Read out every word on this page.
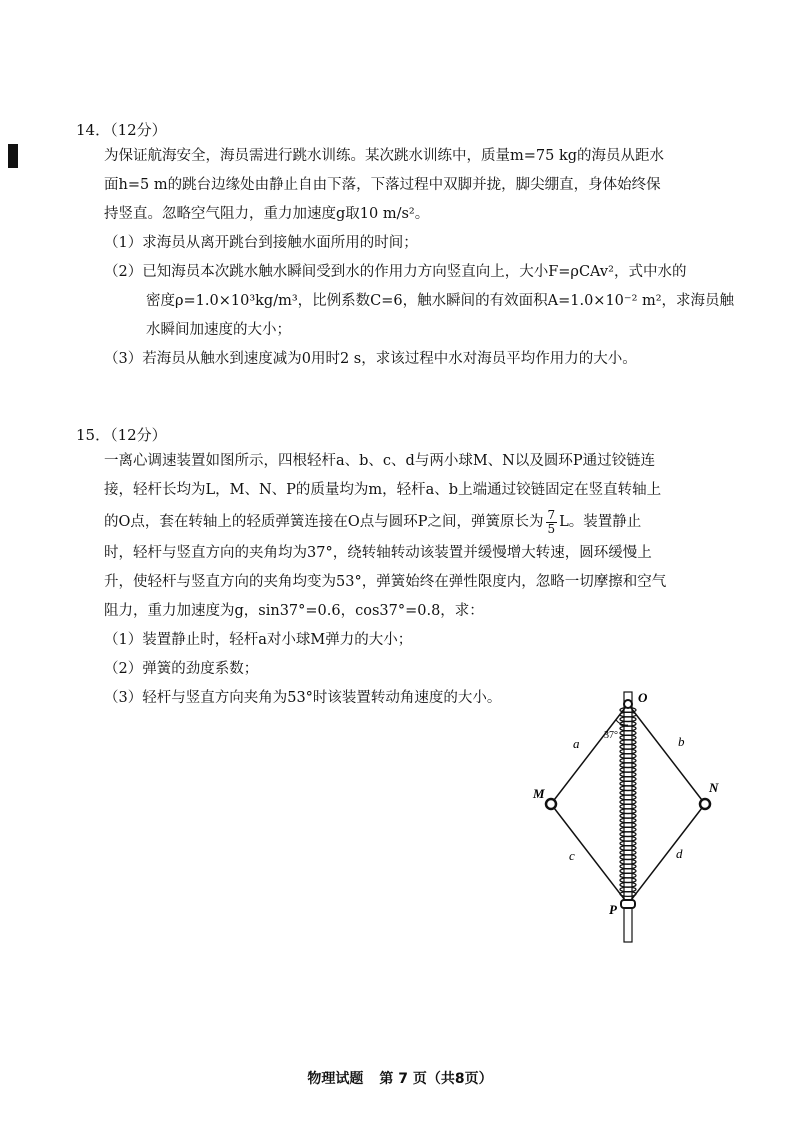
14．（12分）
为保证航海安全，海员需进行跳水训练。某次跳水训练中，质量m=75 kg的海员从距水
面h=5 m的跳台边缘处由静止自由下落，下落过程中双脚并拢，脚尖绷直，身体始终保
持竖直。忽略空气阻力，重力加速度g取10 m/s²。
（1）求海员从离开跳台到接触水面所用的时间；
（2）已知海员本次跳水触水瞬间受到水的作用力方向竖直向上，大小F=ρCAv²，式中水的
密度ρ=1.0×10³kg/m³，比例系数C=6，触水瞬间的有效面积A=1.0×10⁻² m²，求海员触
水瞬间加速度的大小；
（3）若海员从触水到速度减为0用时2 s，求该过程中水对海员平均作用力的大小。
15．（12分）
一离心调速装置如图所示，四根轻杆a、b、c、d与两小球M、N以及圆环P通过铰链连
接，轻杆长均为L，M、N、P的质量均为m，轻杆a、b上端通过铰链固定在竖直转轴上
的O点，套在转轴上的轻质弹簧连接在O点与圆环P之间，弹簧原长为 $\frac{7}{5}$ L。装置静止
时，轻杆与竖直方向的夹角均为37°，绕转轴转动该装置并缓慢增大转速，圆环缓慢上
升，使轻杆与竖直方向的夹角均变为53°，弹簧始终在弹性限度内，忽略一切摩擦和空气
阻力，重力加速度为g，sin37°=0.6，cos37°=0.8，求：
（1）装置静止时，轻杆a对小球M弹力的大小；
（2）弹簧的劲度系数；
（3）轻杆与竖直方向夹角为53°时该装置转动角速度的大小。	O
M	N
P
a	b
c	d
37°
物理试题 第 7 页（共8页）
